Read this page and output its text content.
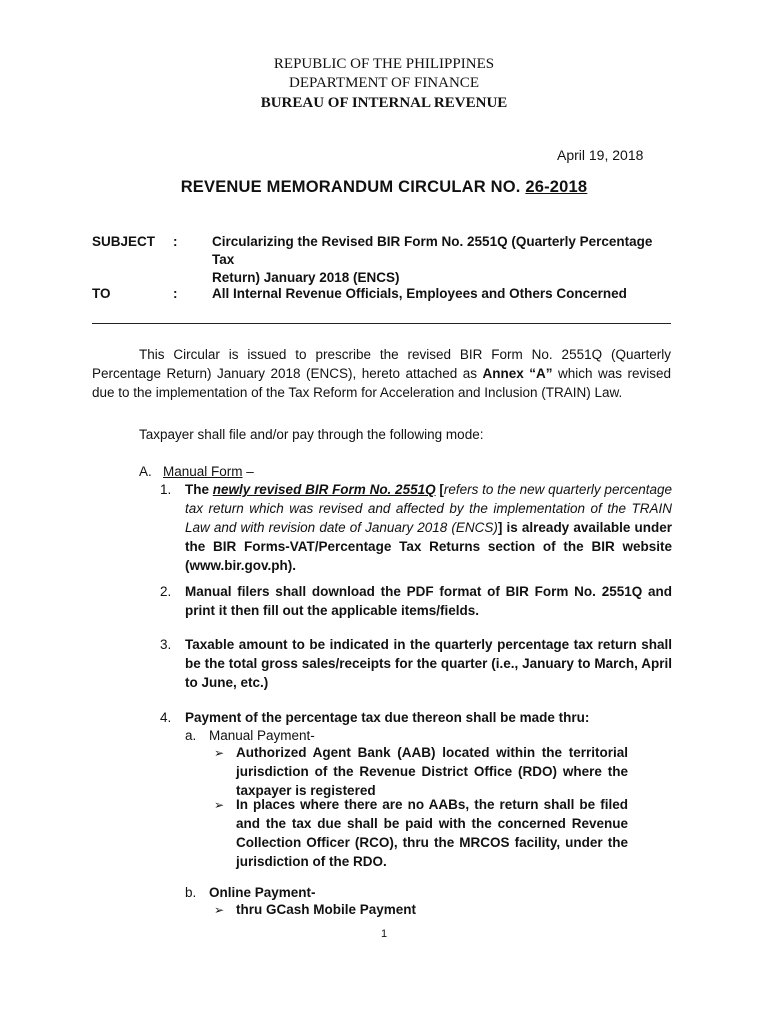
REPUBLIC OF THE PHILIPPINES
DEPARTMENT OF FINANCE
BUREAU OF INTERNAL REVENUE
April 19, 2018
REVENUE MEMORANDUM CIRCULAR NO. 26-2018
SUBJECT :	Circularizing the Revised BIR Form No. 2551Q (Quarterly Percentage Tax
Return) January 2018 (ENCS)
TO	:	All Internal Revenue Officials, Employees and Others Concerned
This Circular is issued to prescribe the revised BIR Form No. 2551Q (Quarterly Percentage Return) January 2018 (ENCS), hereto attached as Annex “A” which was revised due to the implementation of the Tax Reform for Acceleration and Inclusion (TRAIN) Law.
Taxpayer shall file and/or pay through the following mode:
A. Manual Form –
1. The newly revised BIR Form No. 2551Q [refers to the new quarterly percentage tax return which was revised and affected by the implementation of the TRAIN Law and with revision date of January 2018 (ENCS)] is already available under the BIR Forms-VAT/Percentage Tax Returns section of the BIR website (www.bir.gov.ph).
2. Manual filers shall download the PDF format of BIR Form No. 2551Q and print it then fill out the applicable items/fields.
3. Taxable amount to be indicated in the quarterly percentage tax return shall be the total gross sales/receipts for the quarter (i.e., January to March, April to June, etc.)
4. Payment of the percentage tax due thereon shall be made thru:
a. Manual Payment-
➢ Authorized Agent Bank (AAB) located within the territorial jurisdiction of the Revenue District Office (RDO) where the taxpayer is registered
➢ In places where there are no AABs, the return shall be filed and the tax due shall be paid with the concerned Revenue Collection Officer (RCO), thru the MRCOS facility, under the jurisdiction of the RDO.
b. Online Payment-
➢ thru GCash Mobile Payment
1
